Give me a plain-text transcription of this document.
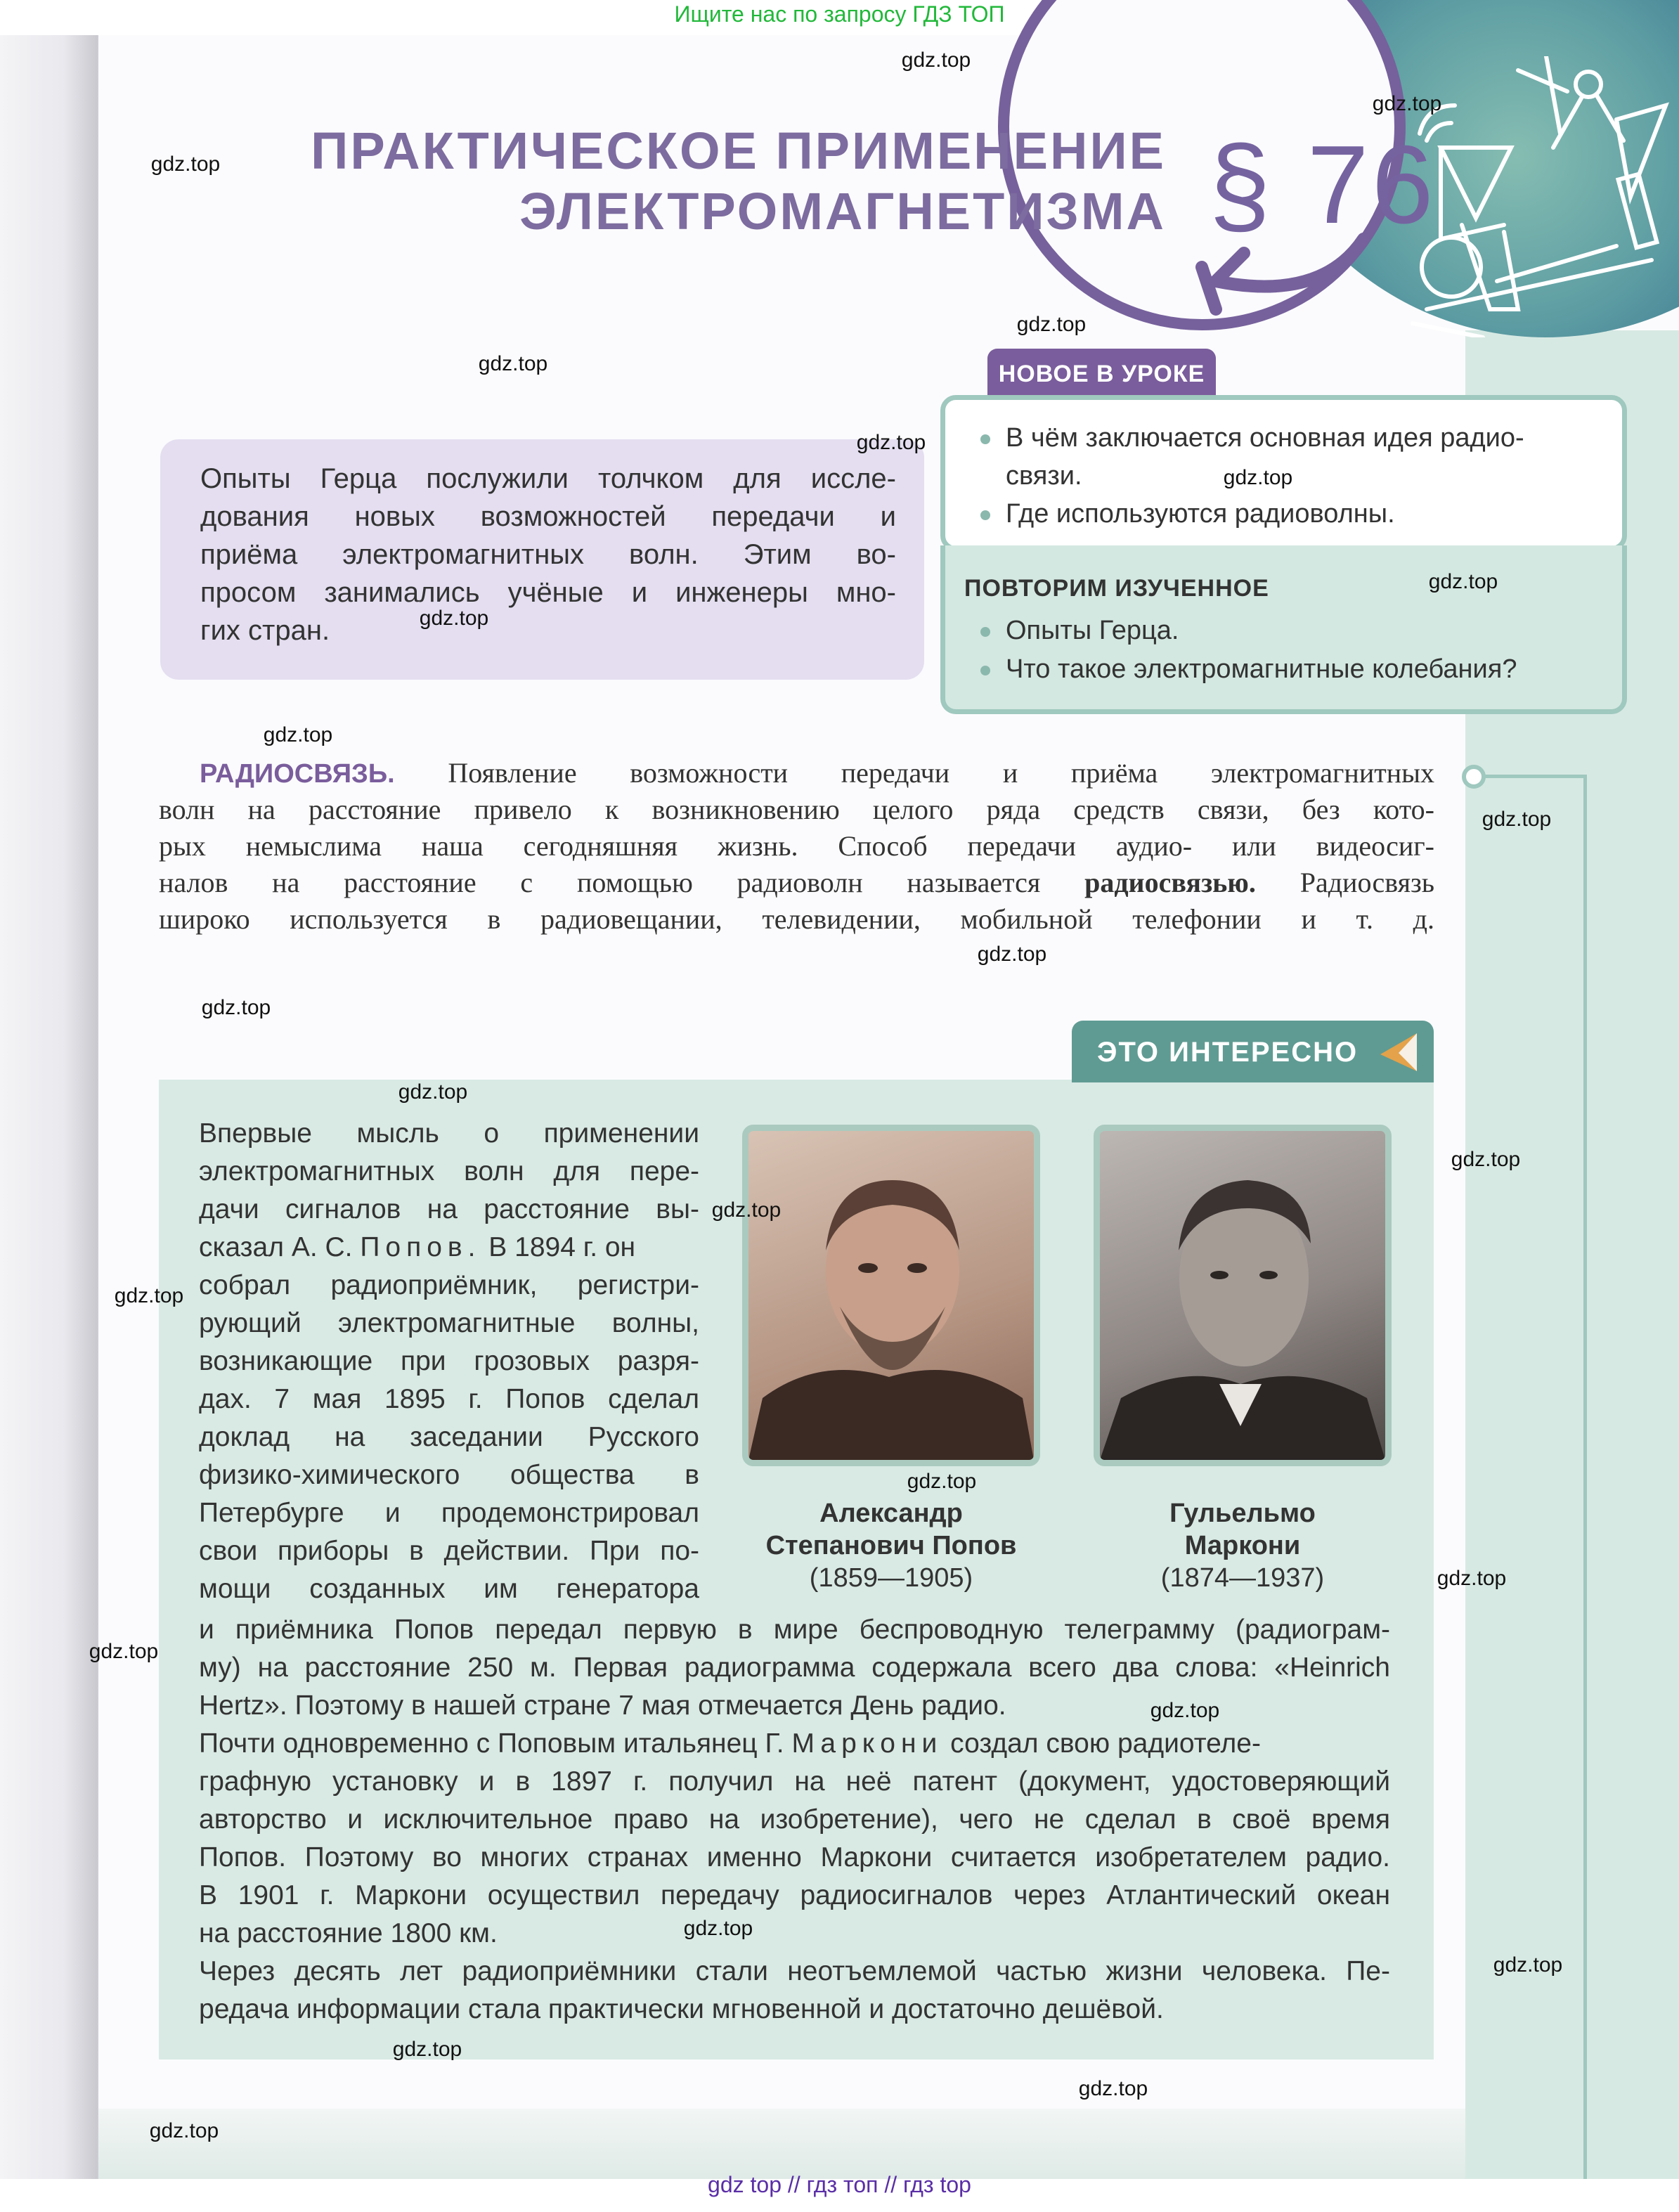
Ищите нас по запросу ГДЗ ТОП
§ 76
ПРАКТИЧЕСКОЕ ПРИМЕНЕНИЕ
ЭЛЕКТРОМАГНЕТИЗМА
Опыты Герца послужили толчком для иссле-
дования новых возможностей передачи и
приёма электромагнитных волн. Этим во-
просом занимались учёные и инженеры мно-
гих стран.
НОВОЕ В УРОКЕ
В чём заключается основная идея радио-
связи.
Где используются радиоволны.
ПОВТОРИМ ИЗУЧЕННОЕ
Опыты Герца.
Что такое электромагнитные колебания?
РАДИОСВЯЗЬ. Появление возможности передачи и приёма электромагнитных
волн на расстояние привело к возникновению целого ряда средств связи, без кото-
рых немыслима наша сегодняшняя жизнь. Способ передачи аудио- или видеосиг-
налов на расстояние с помощью радиоволн называется радиосвязью. Радиосвязь
широко используется в радиовещании, телевидении, мобильной телефонии и т. д.
ЭТО ИНТЕРЕСНО
Впервые мысль о применении
электромагнитных волн для пере-
дачи сигналов на расстояние вы-
сказал А. С. Попов. В 1894 г. он
собрал радиоприёмник, регистри-
рующий электромагнитные волны,
возникающие при грозовых разря-
дах. 7 мая 1895 г. Попов сделал
доклад на заседании Русского
физико-химического общества в
Петербурге и продемонстрировал
свои приборы в действии. При по-
мощи созданных им генератора
и приёмника Попов передал первую в мире беспроводную телеграмму (радиограм-
му) на расстояние 250 м. Первая радиограмма содержала всего два слова: «Heinrich
Hertz». Поэтому в нашей стране 7 мая отмечается День радио.
Почти одновременно с Поповым итальянец Г. Маркони создал свою радиотеле-
графную установку и в 1897 г. получил на неё патент (документ, удостоверяющий
авторство и исключительное право на изобретение), чего не сделал в своё время
Попов. Поэтому во многих странах именно Маркони считается изобретателем радио.
В 1901 г. Маркони осуществил передачу радиосигналов через Атлантический океан
на расстояние 1800 км.
Через десять лет радиоприёмники стали неотъемлемой частью жизни человека. Пе-
редача информации стала практически мгновенной и достаточно дешёвой.
Александр
Степанович Попов
(1859—1905)
Гульельмо
Маркони
(1874—1937)
gdz top // гдз топ // гдз top
gdz.top
gdz.top
gdz.top
gdz.top
gdz.top
gdz.top
gdz.top
gdz.top
gdz.top
gdz.top
gdz.top
gdz.top
gdz.top
gdz.top
gdz.top
gdz.top
gdz.top
gdz.top
gdz.top
gdz.top
gdz.top
gdz.top
gdz.top
gdz.top
gdz.top
gdz.top
